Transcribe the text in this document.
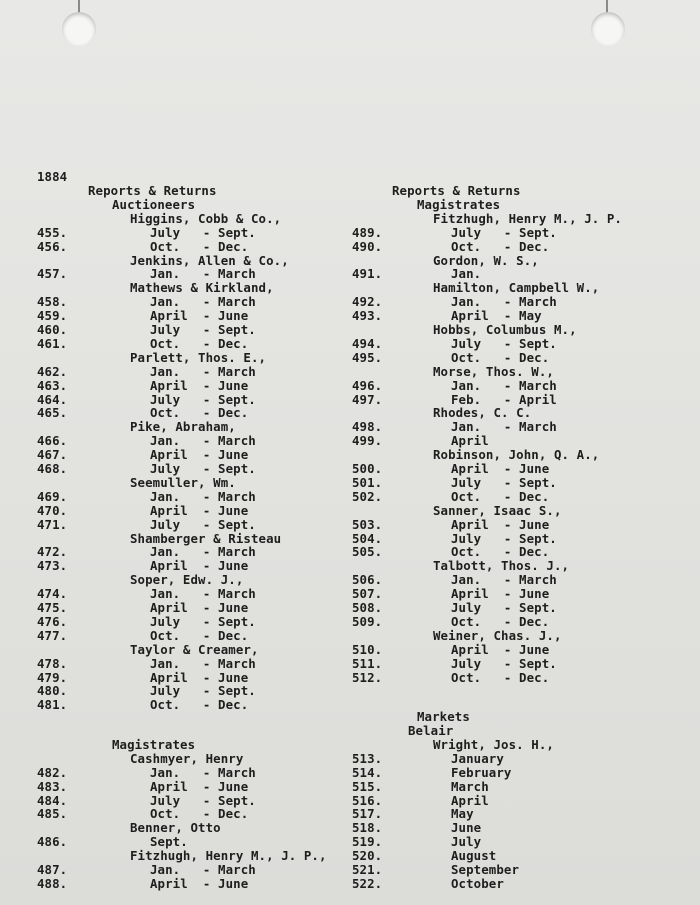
1884

Reports & Returns
Auctioneers
Higgins, Cobb & Co.,
455.	July   - Sept.
456.	Oct.   - Dec.
Jenkins, Allen & Co.,
457.	Jan.   - March
Mathews & Kirkland,
458.	Jan.   - March
459.	April  - June
460.	July   - Sept.
461.	Oct.   - Dec.
Parlett, Thos. E.,
462.	Jan.   - March
463.	April  - June
464.	July   - Sept.
465.	Oct.   - Dec.
Pike, Abraham,
466.	Jan.   - March
467.	April  - June
468.	July   - Sept.
Seemuller, Wm.
469.	Jan.   - March
470.	April  - June
471.	July   - Sept.
Shamberger & Risteau
472.	Jan.   - March
473.	April  - June
Soper, Edw. J.,
474.	Jan.   - March
475.	April  - June
476.	July   - Sept.
477.	Oct.   - Dec.
Taylor & Creamer,
478.	Jan.   - March
479.	April  - June
480.	July   - Sept.
481.	Oct.   - Dec.
Magistrates
Cashmyer, Henry
482.	Jan.   - March
483.	April  - June
484.	July   - Sept.
485.	Oct.   - Dec.
Benner, Otto
486.	Sept.
Fitzhugh, Henry M., J. P.,
487.	Jan.   - March
488.	April  - June
Reports & Returns
Magistrates
Fitzhugh, Henry M., J. P.
489.	July   - Sept.
490.	Oct.   - Dec.
Gordon, W. S.,
491.	Jan.
Hamilton, Campbell W.,
492.	Jan.   - March
493.	April  - May
Hobbs, Columbus M.,
494.	July   - Sept.
495.	Oct.   - Dec.
Morse, Thos. W.,
496.	Jan.   - March
497.	Feb.   - April
Rhodes, C. C.
498.	Jan.   - March
499.	April
Robinson, John, Q. A.,
500.	April  - June
501.	July   - Sept.
502.	Oct.   - Dec.
Sanner, Isaac S.,
503.	April  - June
504.	July   - Sept.
505.	Oct.   - Dec.
Talbott, Thos. J.,
506.	Jan.   - March
507.	April  - June
508.	July   - Sept.
509.	Oct.   - Dec.
Weiner, Chas. J.,
510.	April  - June
511.	July   - Sept.
512.	Oct.   - Dec.
Markets
Belair
Wright, Jos. H.,
513.	January
514.	February
515.	March
516.	April
517.	May
518.	June
519.	July
520.	August
521.	September
522.	October
